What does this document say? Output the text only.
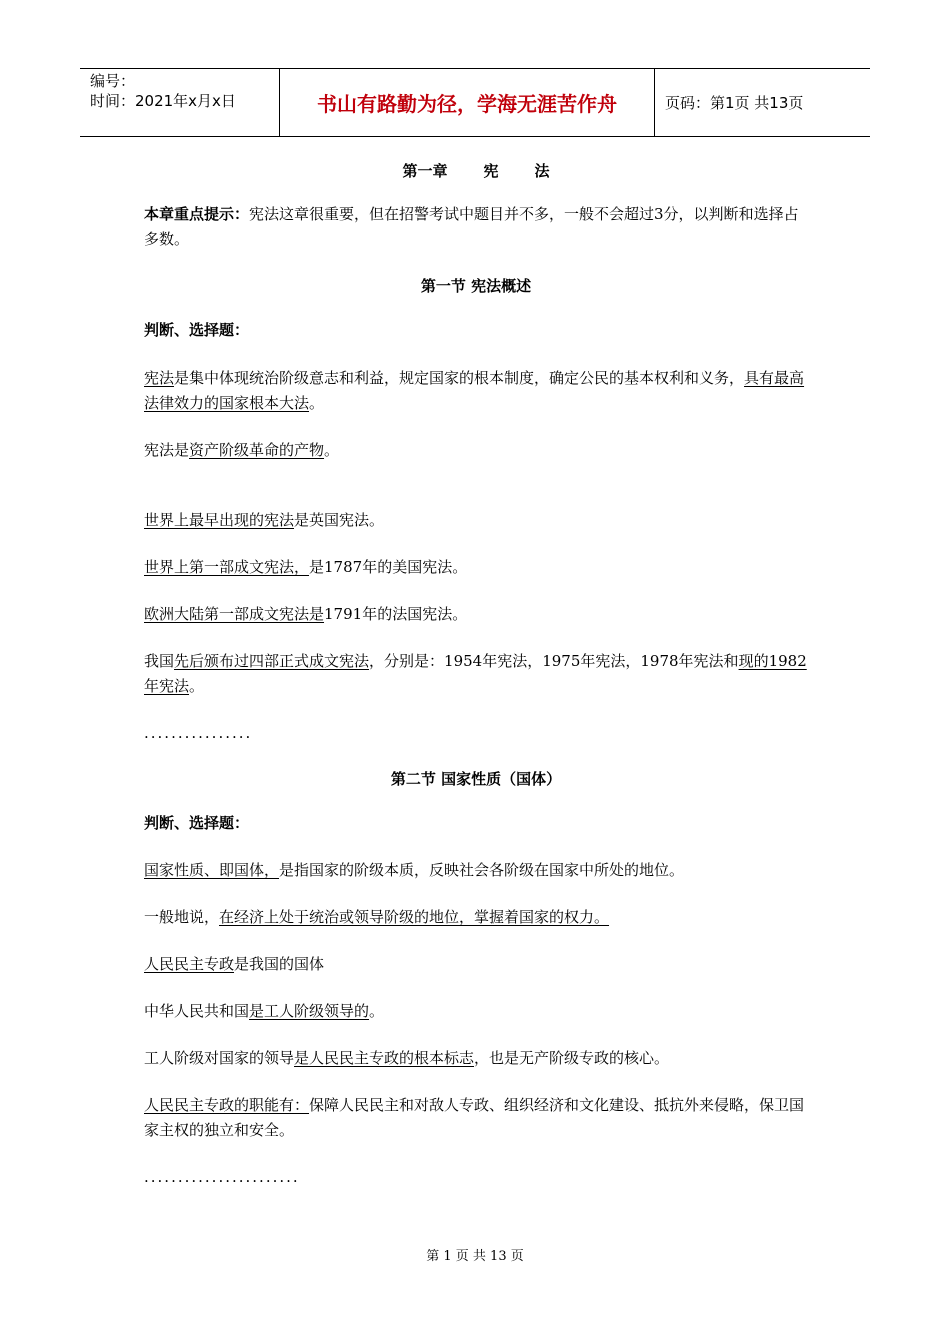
编号：
时间：2021年x月x日	书山有路勤为径，学海无涯苦作舟	页码：第1页 共13页
第一章 宪 法

本章重点提示：宪法这章很重要，但在招警考试中题目并不多，一般不会超过3分，以判断和选择占多数。

第一节 宪法概述

判断、选择题：

宪法是集中体现统治阶级意志和利益，规定国家的根本制度，确定公民的基本权利和义务，具有最高法律效力的国家根本大法。

宪法是资产阶级革命的产物。

世界上最早出现的宪法是英国宪法。

世界上第一部成文宪法，是1787年的美国宪法。

欧洲大陆第一部成文宪法是1791年的法国宪法。

我国先后颁布过四部正式成文宪法，分别是：1954年宪法，1975年宪法，1978年宪法和现的1982年宪法。

................

第二节 国家性质（国体）

判断、选择题：

国家性质、即国体，是指国家的阶级本质，反映社会各阶级在国家中所处的地位。

一般地说，在经济上处于统治或领导阶级的地位，掌握着国家的权力。

人民民主专政是我国的国体

中华人民共和国是工人阶级领导的。

工人阶级对国家的领导是人民民主专政的根本标志，也是无产阶级专政的核心。

人民民主专政的职能有：保障人民民主和对敌人专政、组织经济和文化建设、抵抗外来侵略，保卫国家主权的独立和安全。

.......................

第 1 页 共 13 页
